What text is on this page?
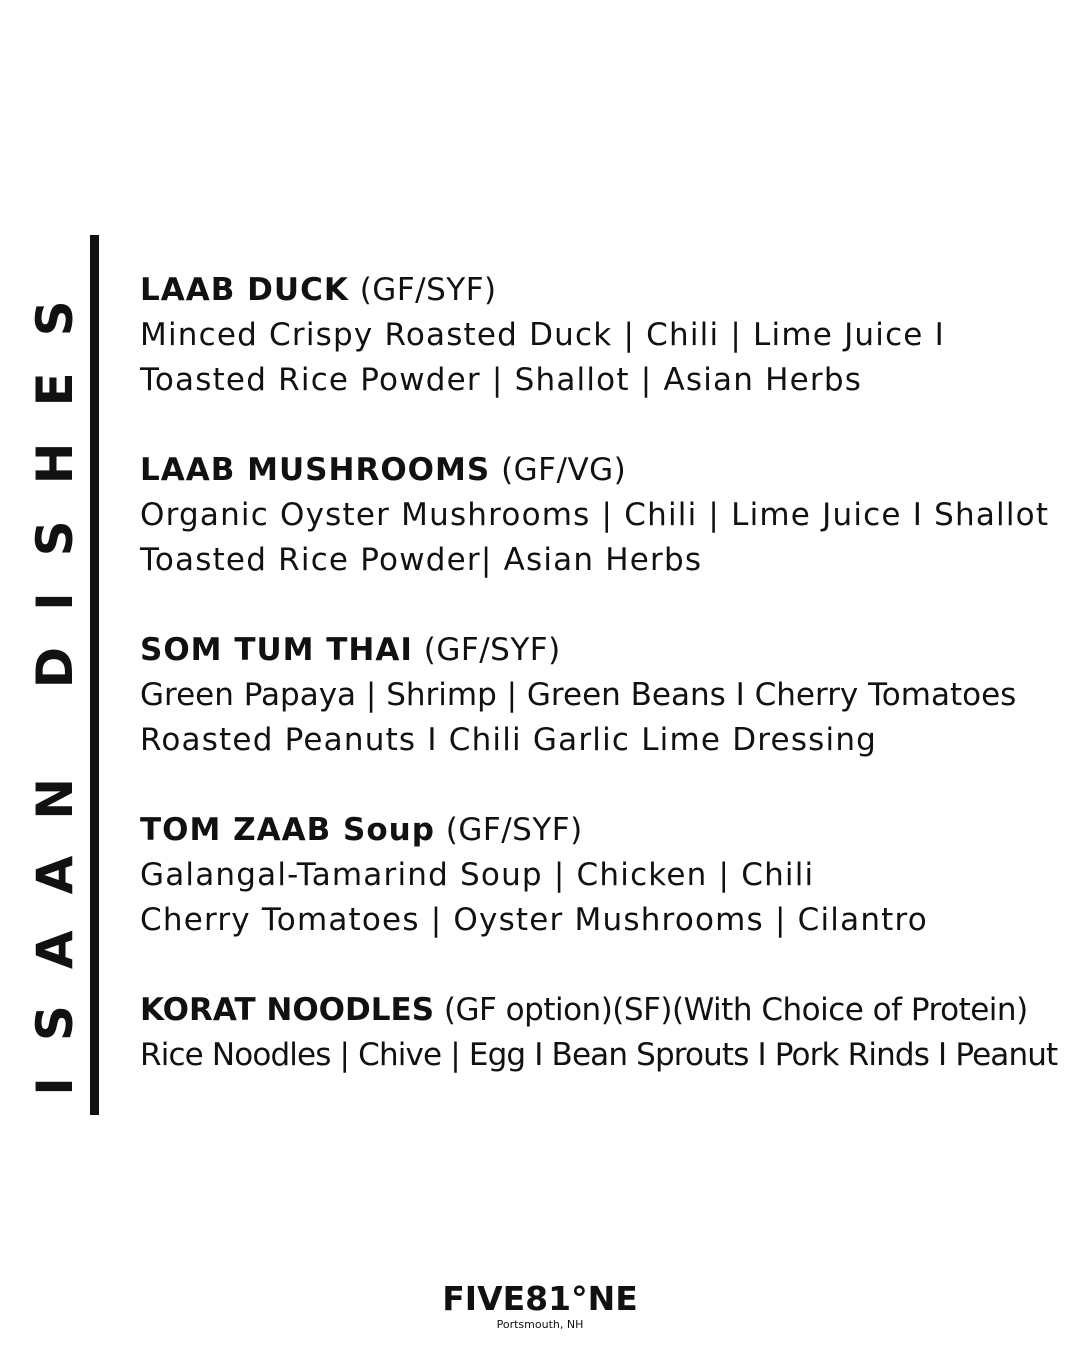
ISAAN DISHES LAAB DUCK (GF/SYF)
Minced Crispy Roasted Duck | Chili | Lime Juice I
Toasted Rice Powder | Shallot | Asian Herbs
LAAB MUSHROOMS (GF/VG)
Organic Oyster Mushrooms | Chili | Lime Juice I Shallot
Toasted Rice Powder| Asian Herbs
SOM TUM THAI (GF/SYF)
Green Papaya | Shrimp | Green Beans I Cherry Tomatoes
Roasted Peanuts I Chili Garlic Lime Dressing
TOM ZAAB Soup (GF/SYF)
Galangal-Tamarind Soup | Chicken | Chili
Cherry Tomatoes | Oyster Mushrooms | Cilantro
KORAT NOODLES (GF option)(SF)(With Choice of Protein)
Rice Noodles | Chive | Egg I Bean Sprouts I Pork Rinds I Peanut
FIVE81°NE
Portsmouth, NH
